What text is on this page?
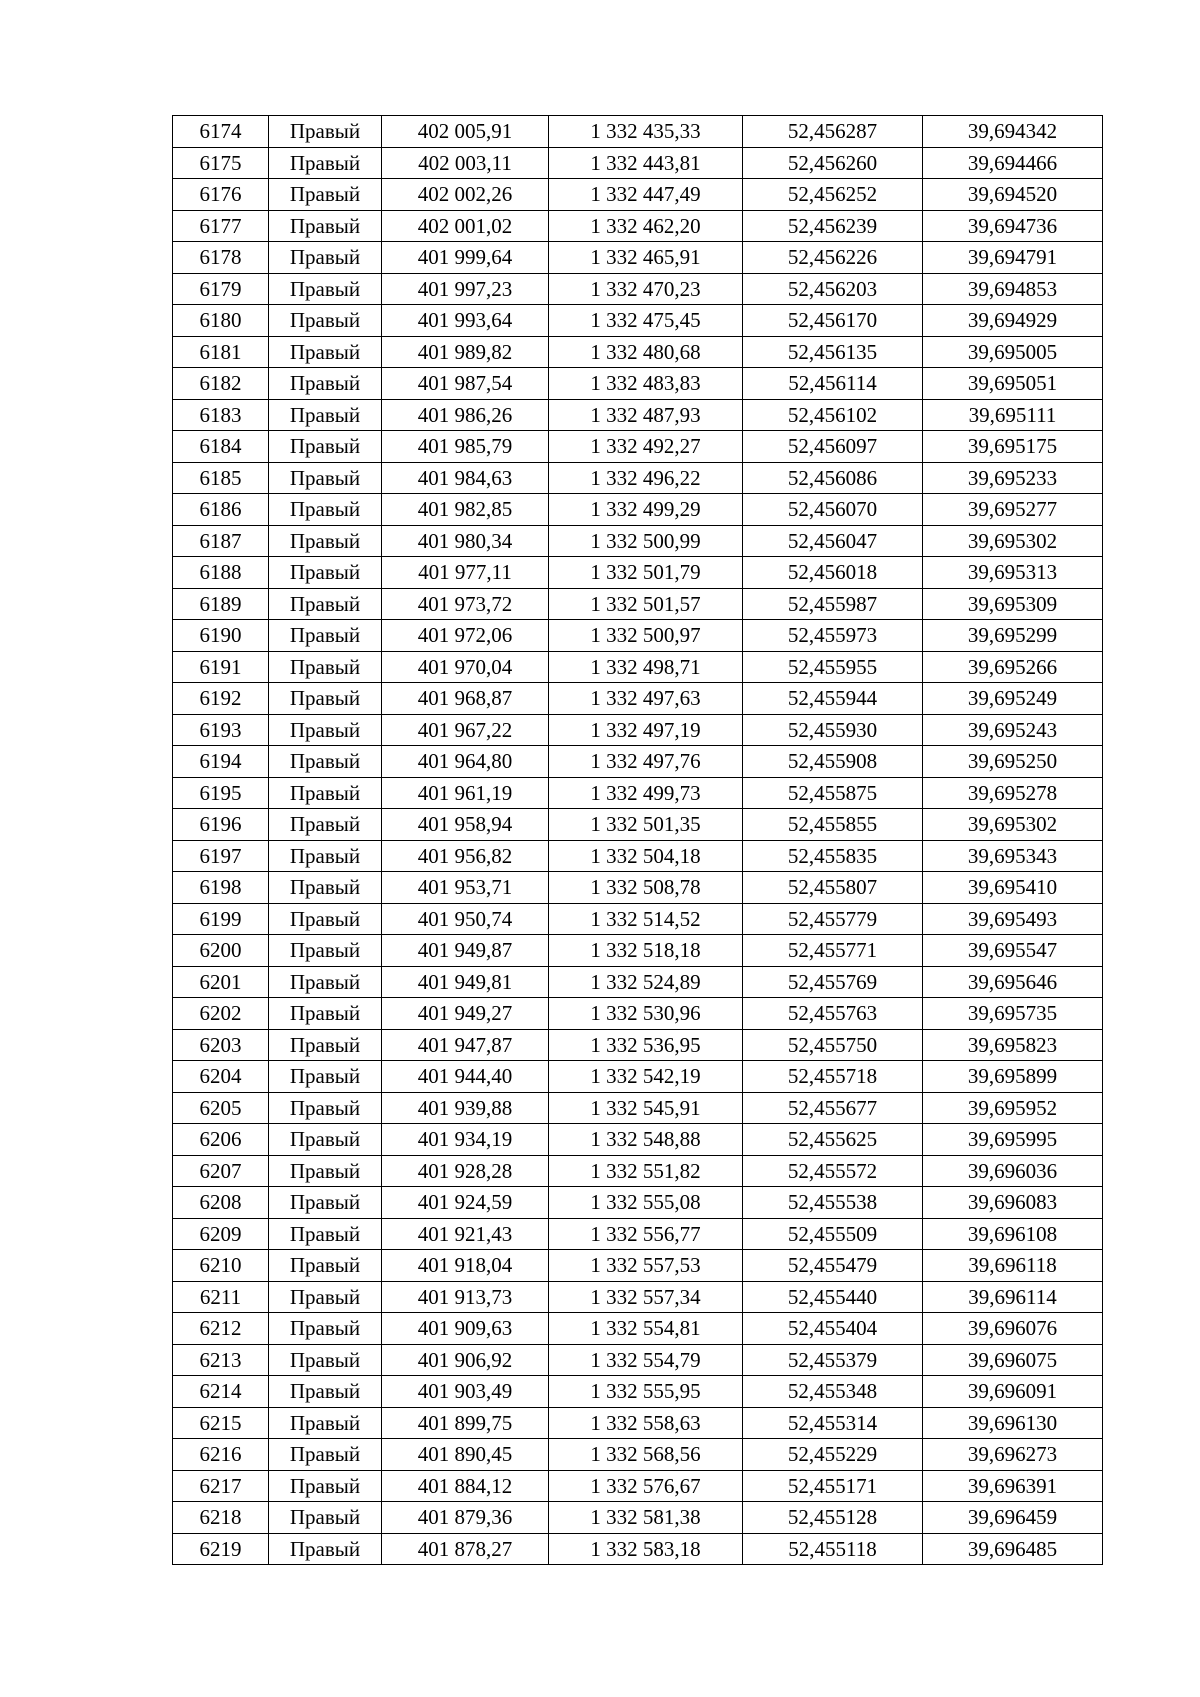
6174	Правый	402 005,91	1 332 435,33	52,456287	39,694342
6175	Правый	402 003,11	1 332 443,81	52,456260	39,694466
6176	Правый	402 002,26	1 332 447,49	52,456252	39,694520
6177	Правый	402 001,02	1 332 462,20	52,456239	39,694736
6178	Правый	401 999,64	1 332 465,91	52,456226	39,694791
6179	Правый	401 997,23	1 332 470,23	52,456203	39,694853
6180	Правый	401 993,64	1 332 475,45	52,456170	39,694929
6181	Правый	401 989,82	1 332 480,68	52,456135	39,695005
6182	Правый	401 987,54	1 332 483,83	52,456114	39,695051
6183	Правый	401 986,26	1 332 487,93	52,456102	39,695111
6184	Правый	401 985,79	1 332 492,27	52,456097	39,695175
6185	Правый	401 984,63	1 332 496,22	52,456086	39,695233
6186	Правый	401 982,85	1 332 499,29	52,456070	39,695277
6187	Правый	401 980,34	1 332 500,99	52,456047	39,695302
6188	Правый	401 977,11	1 332 501,79	52,456018	39,695313
6189	Правый	401 973,72	1 332 501,57	52,455987	39,695309
6190	Правый	401 972,06	1 332 500,97	52,455973	39,695299
6191	Правый	401 970,04	1 332 498,71	52,455955	39,695266
6192	Правый	401 968,87	1 332 497,63	52,455944	39,695249
6193	Правый	401 967,22	1 332 497,19	52,455930	39,695243
6194	Правый	401 964,80	1 332 497,76	52,455908	39,695250
6195	Правый	401 961,19	1 332 499,73	52,455875	39,695278
6196	Правый	401 958,94	1 332 501,35	52,455855	39,695302
6197	Правый	401 956,82	1 332 504,18	52,455835	39,695343
6198	Правый	401 953,71	1 332 508,78	52,455807	39,695410
6199	Правый	401 950,74	1 332 514,52	52,455779	39,695493
6200	Правый	401 949,87	1 332 518,18	52,455771	39,695547
6201	Правый	401 949,81	1 332 524,89	52,455769	39,695646
6202	Правый	401 949,27	1 332 530,96	52,455763	39,695735
6203	Правый	401 947,87	1 332 536,95	52,455750	39,695823
6204	Правый	401 944,40	1 332 542,19	52,455718	39,695899
6205	Правый	401 939,88	1 332 545,91	52,455677	39,695952
6206	Правый	401 934,19	1 332 548,88	52,455625	39,695995
6207	Правый	401 928,28	1 332 551,82	52,455572	39,696036
6208	Правый	401 924,59	1 332 555,08	52,455538	39,696083
6209	Правый	401 921,43	1 332 556,77	52,455509	39,696108
6210	Правый	401 918,04	1 332 557,53	52,455479	39,696118
6211	Правый	401 913,73	1 332 557,34	52,455440	39,696114
6212	Правый	401 909,63	1 332 554,81	52,455404	39,696076
6213	Правый	401 906,92	1 332 554,79	52,455379	39,696075
6214	Правый	401 903,49	1 332 555,95	52,455348	39,696091
6215	Правый	401 899,75	1 332 558,63	52,455314	39,696130
6216	Правый	401 890,45	1 332 568,56	52,455229	39,696273
6217	Правый	401 884,12	1 332 576,67	52,455171	39,696391
6218	Правый	401 879,36	1 332 581,38	52,455128	39,696459
6219	Правый	401 878,27	1 332 583,18	52,455118	39,696485
